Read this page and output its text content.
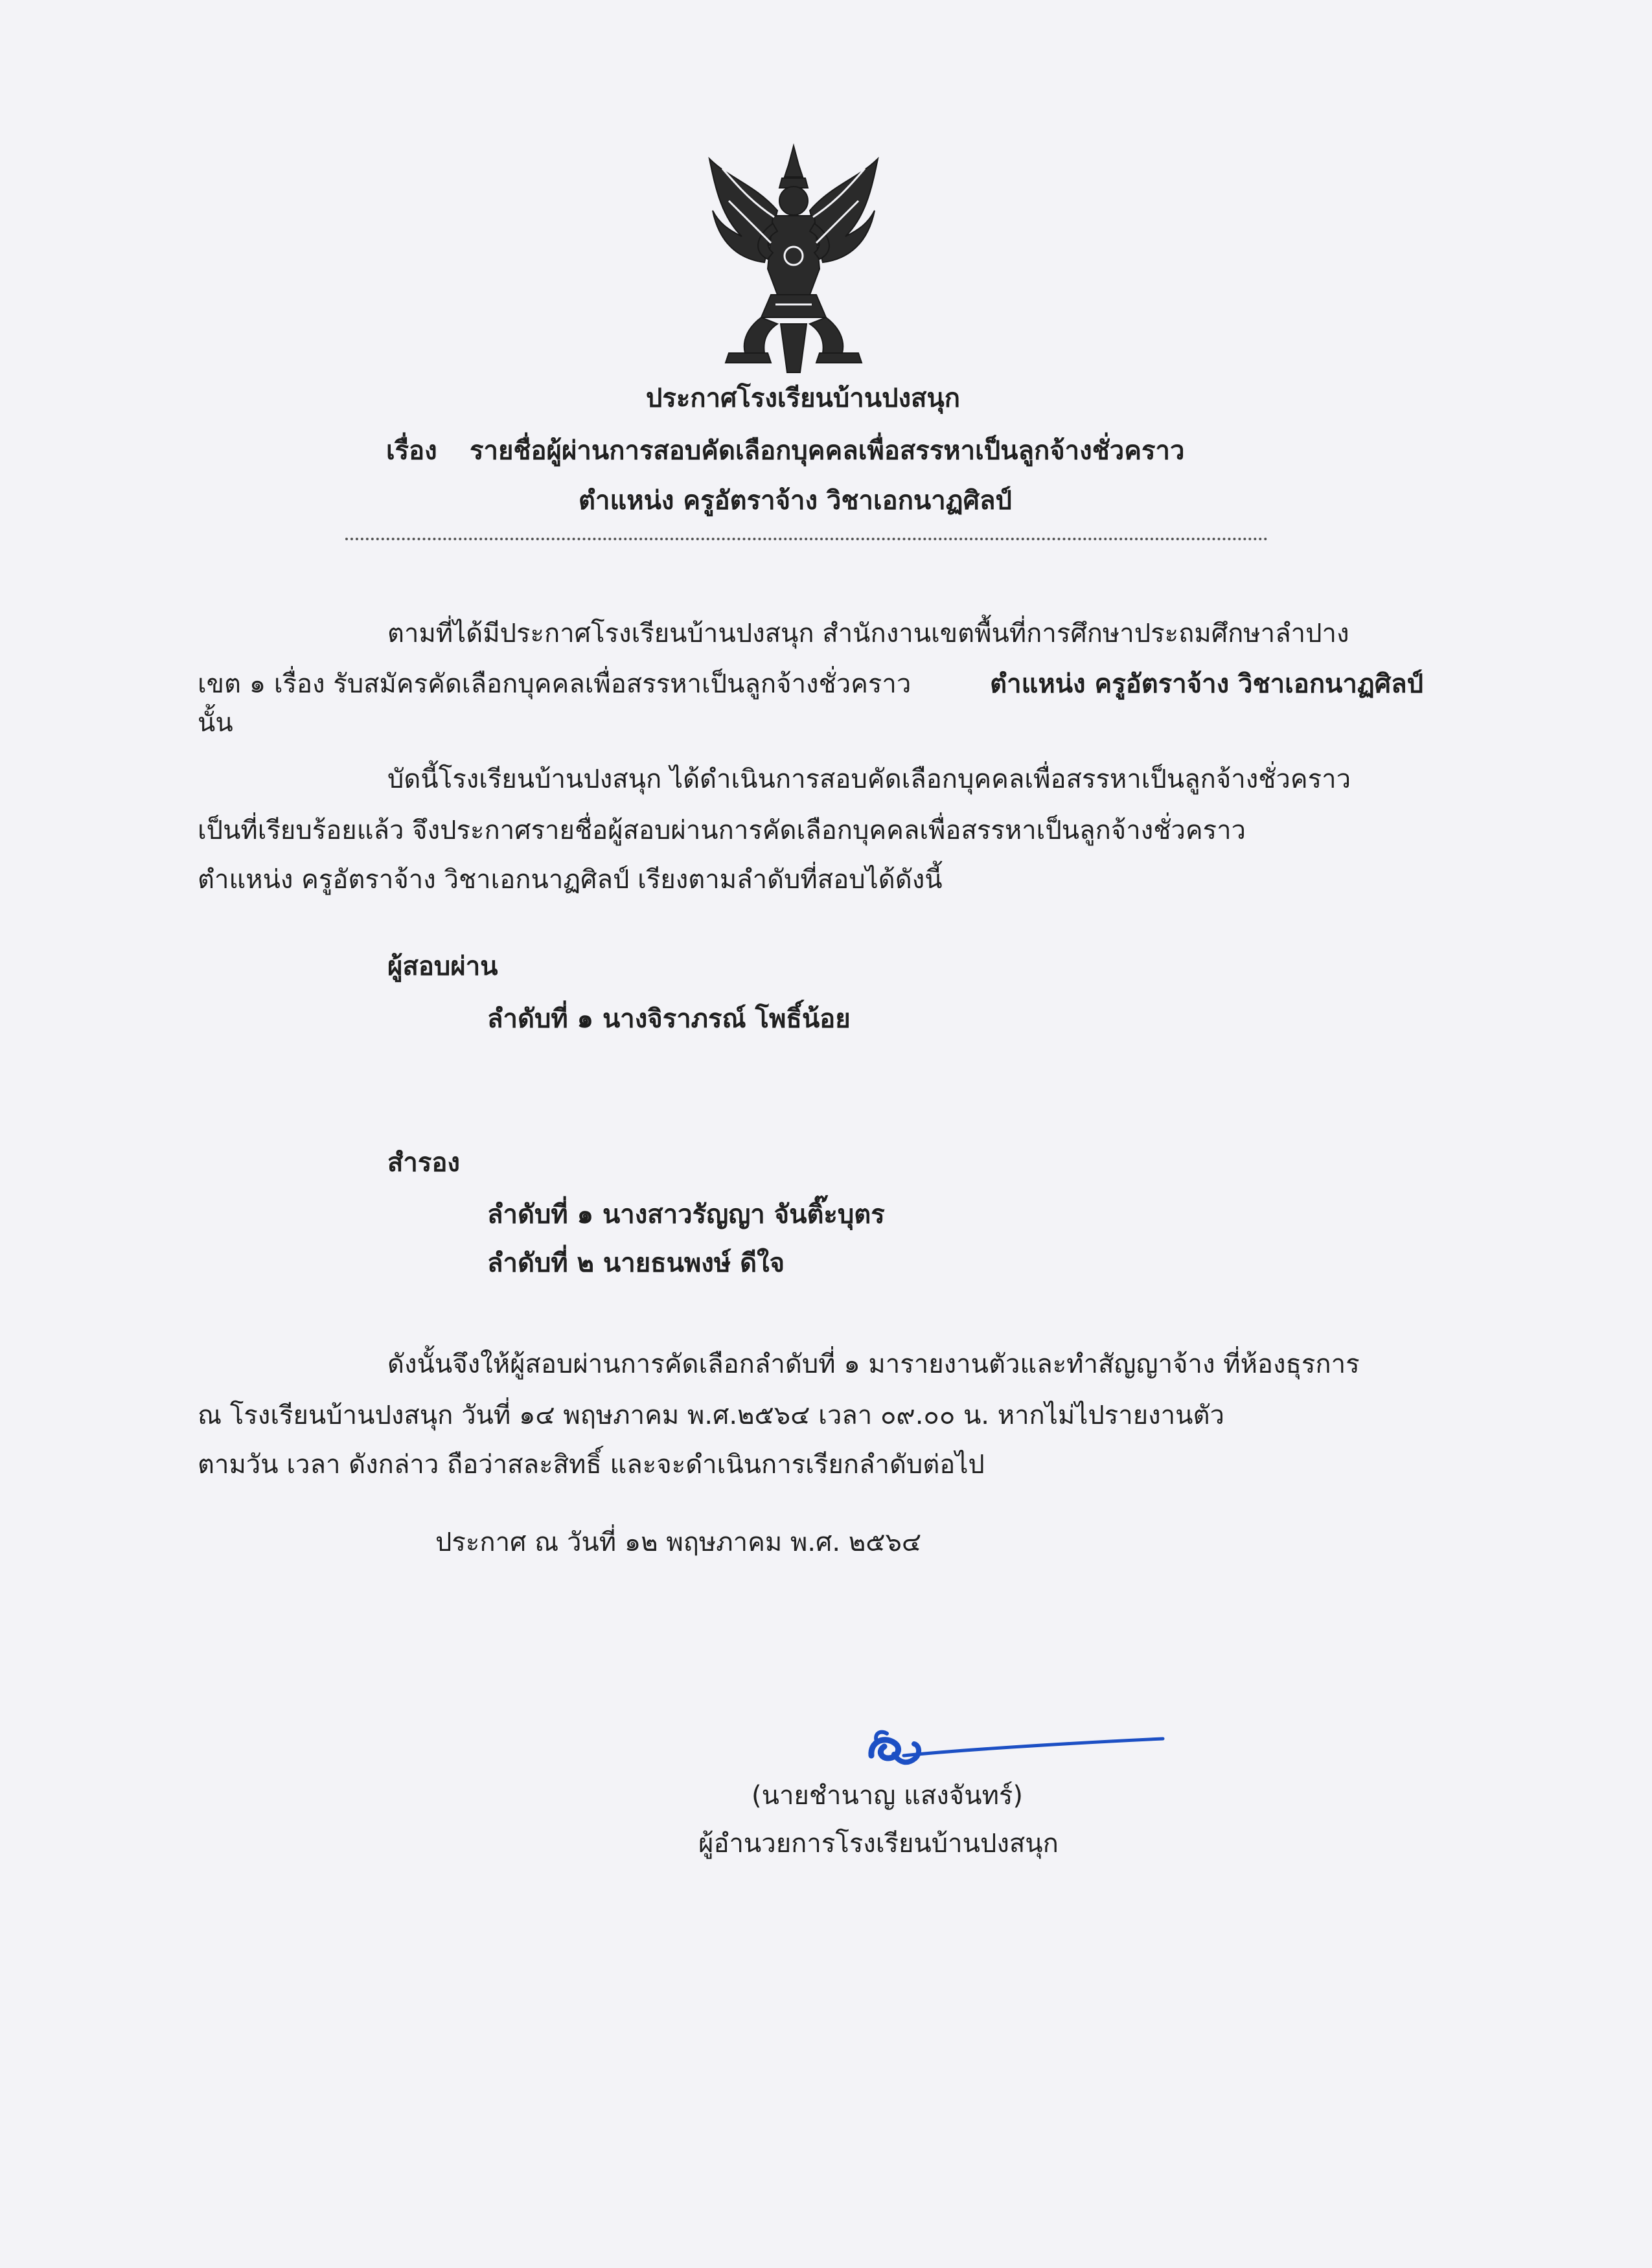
ประกาศโรงเรียนบ้านปงสนุก

เรื่อง รายชื่อผู้ผ่านการสอบคัดเลือกบุคคลเพื่อสรรหาเป็นลูกจ้างชั่วคราว

ตำแหน่ง ครูอัตราจ้าง วิชาเอกนาฏศิลป์

ตามที่ได้มีประกาศโรงเรียนบ้านปงสนุก สำนักงานเขตพื้นที่การศึกษาประถมศึกษาลำปาง

เขต ๑ เรื่อง รับสมัครคัดเลือกบุคคลเพื่อสรรหาเป็นลูกจ้างชั่วคราว	ตำแหน่ง ครูอัตราจ้าง วิชาเอกนาฏศิลป์

นั้น

บัดนี้โรงเรียนบ้านปงสนุก ได้ดำเนินการสอบคัดเลือกบุคคลเพื่อสรรหาเป็นลูกจ้างชั่วคราว

เป็นที่เรียบร้อยแล้ว จึงประกาศรายชื่อผู้สอบผ่านการคัดเลือกบุคคลเพื่อสรรหาเป็นลูกจ้างชั่วคราว

ตำแหน่ง ครูอัตราจ้าง วิชาเอกนาฏศิลป์ เรียงตามลำดับที่สอบได้ดังนี้

ผู้สอบผ่าน

ลำดับที่ ๑ นางจิราภรณ์ โพธิ์น้อย

สำรอง

ลำดับที่ ๑ นางสาวรัญญา จันติ๊ะบุตร

ลำดับที่ ๒ นายธนพงษ์ ดีใจ

ดังนั้นจึงให้ผู้สอบผ่านการคัดเลือกลำดับที่ ๑ มารายงานตัวและทำสัญญาจ้าง ที่ห้องธุรการ

ณ โรงเรียนบ้านปงสนุก วันที่ ๑๔ พฤษภาคม พ.ศ.๒๕๖๔ เวลา ๐๙.๐๐ น. หากไม่ไปรายงานตัว

ตามวัน เวลา ดังกล่าว ถือว่าสละสิทธิ์ และจะดำเนินการเรียกลำดับต่อไป

ประกาศ ณ วันที่ ๑๒ พฤษภาคม พ.ศ. ๒๕๖๔

(นายชำนาญ แสงจันทร์)

ผู้อำนวยการโรงเรียนบ้านปงสนุก
